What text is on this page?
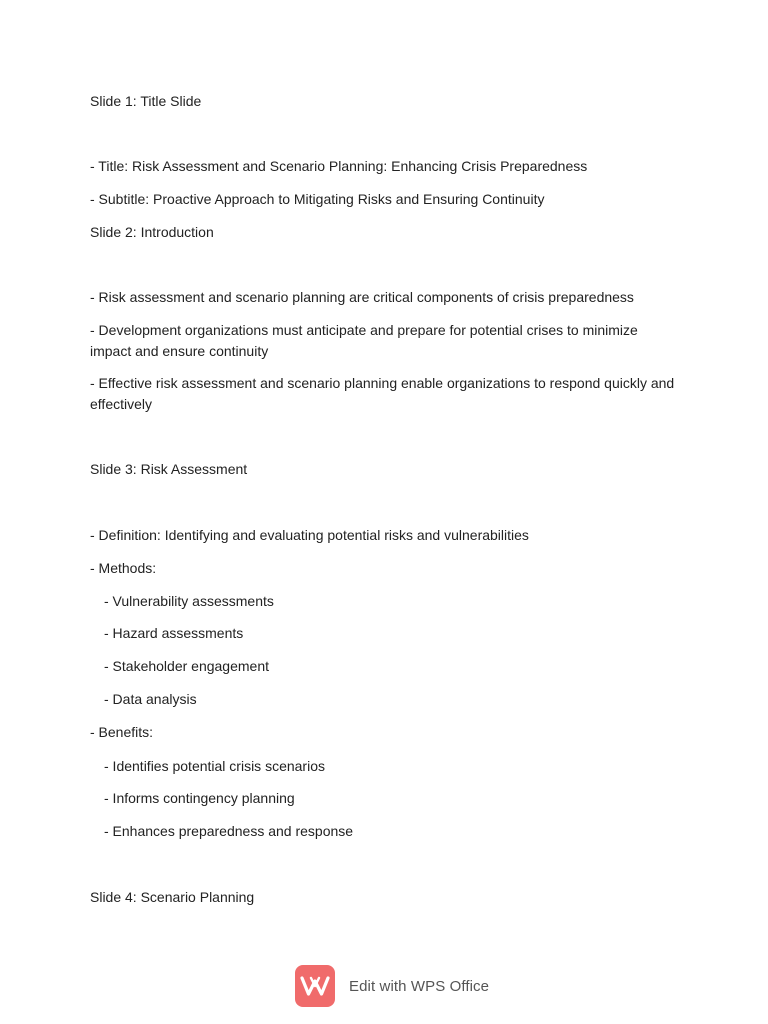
Slide 1: Title Slide
- Title: Risk Assessment and Scenario Planning: Enhancing Crisis Preparedness
- Subtitle: Proactive Approach to Mitigating Risks and Ensuring Continuity
Slide 2: Introduction
- Risk assessment and scenario planning are critical components of crisis preparedness
- Development organizations must anticipate and prepare for potential crises to minimize impact and ensure continuity
- Effective risk assessment and scenario planning enable organizations to respond quickly and effectively
Slide 3: Risk Assessment
- Definition: Identifying and evaluating potential risks and vulnerabilities
- Methods:
- Vulnerability assessments
- Hazard assessments
- Stakeholder engagement
- Data analysis
- Benefits:
- Identifies potential crisis scenarios
- Informs contingency planning
- Enhances preparedness and response
Slide 4: Scenario Planning
Edit with WPS Office
